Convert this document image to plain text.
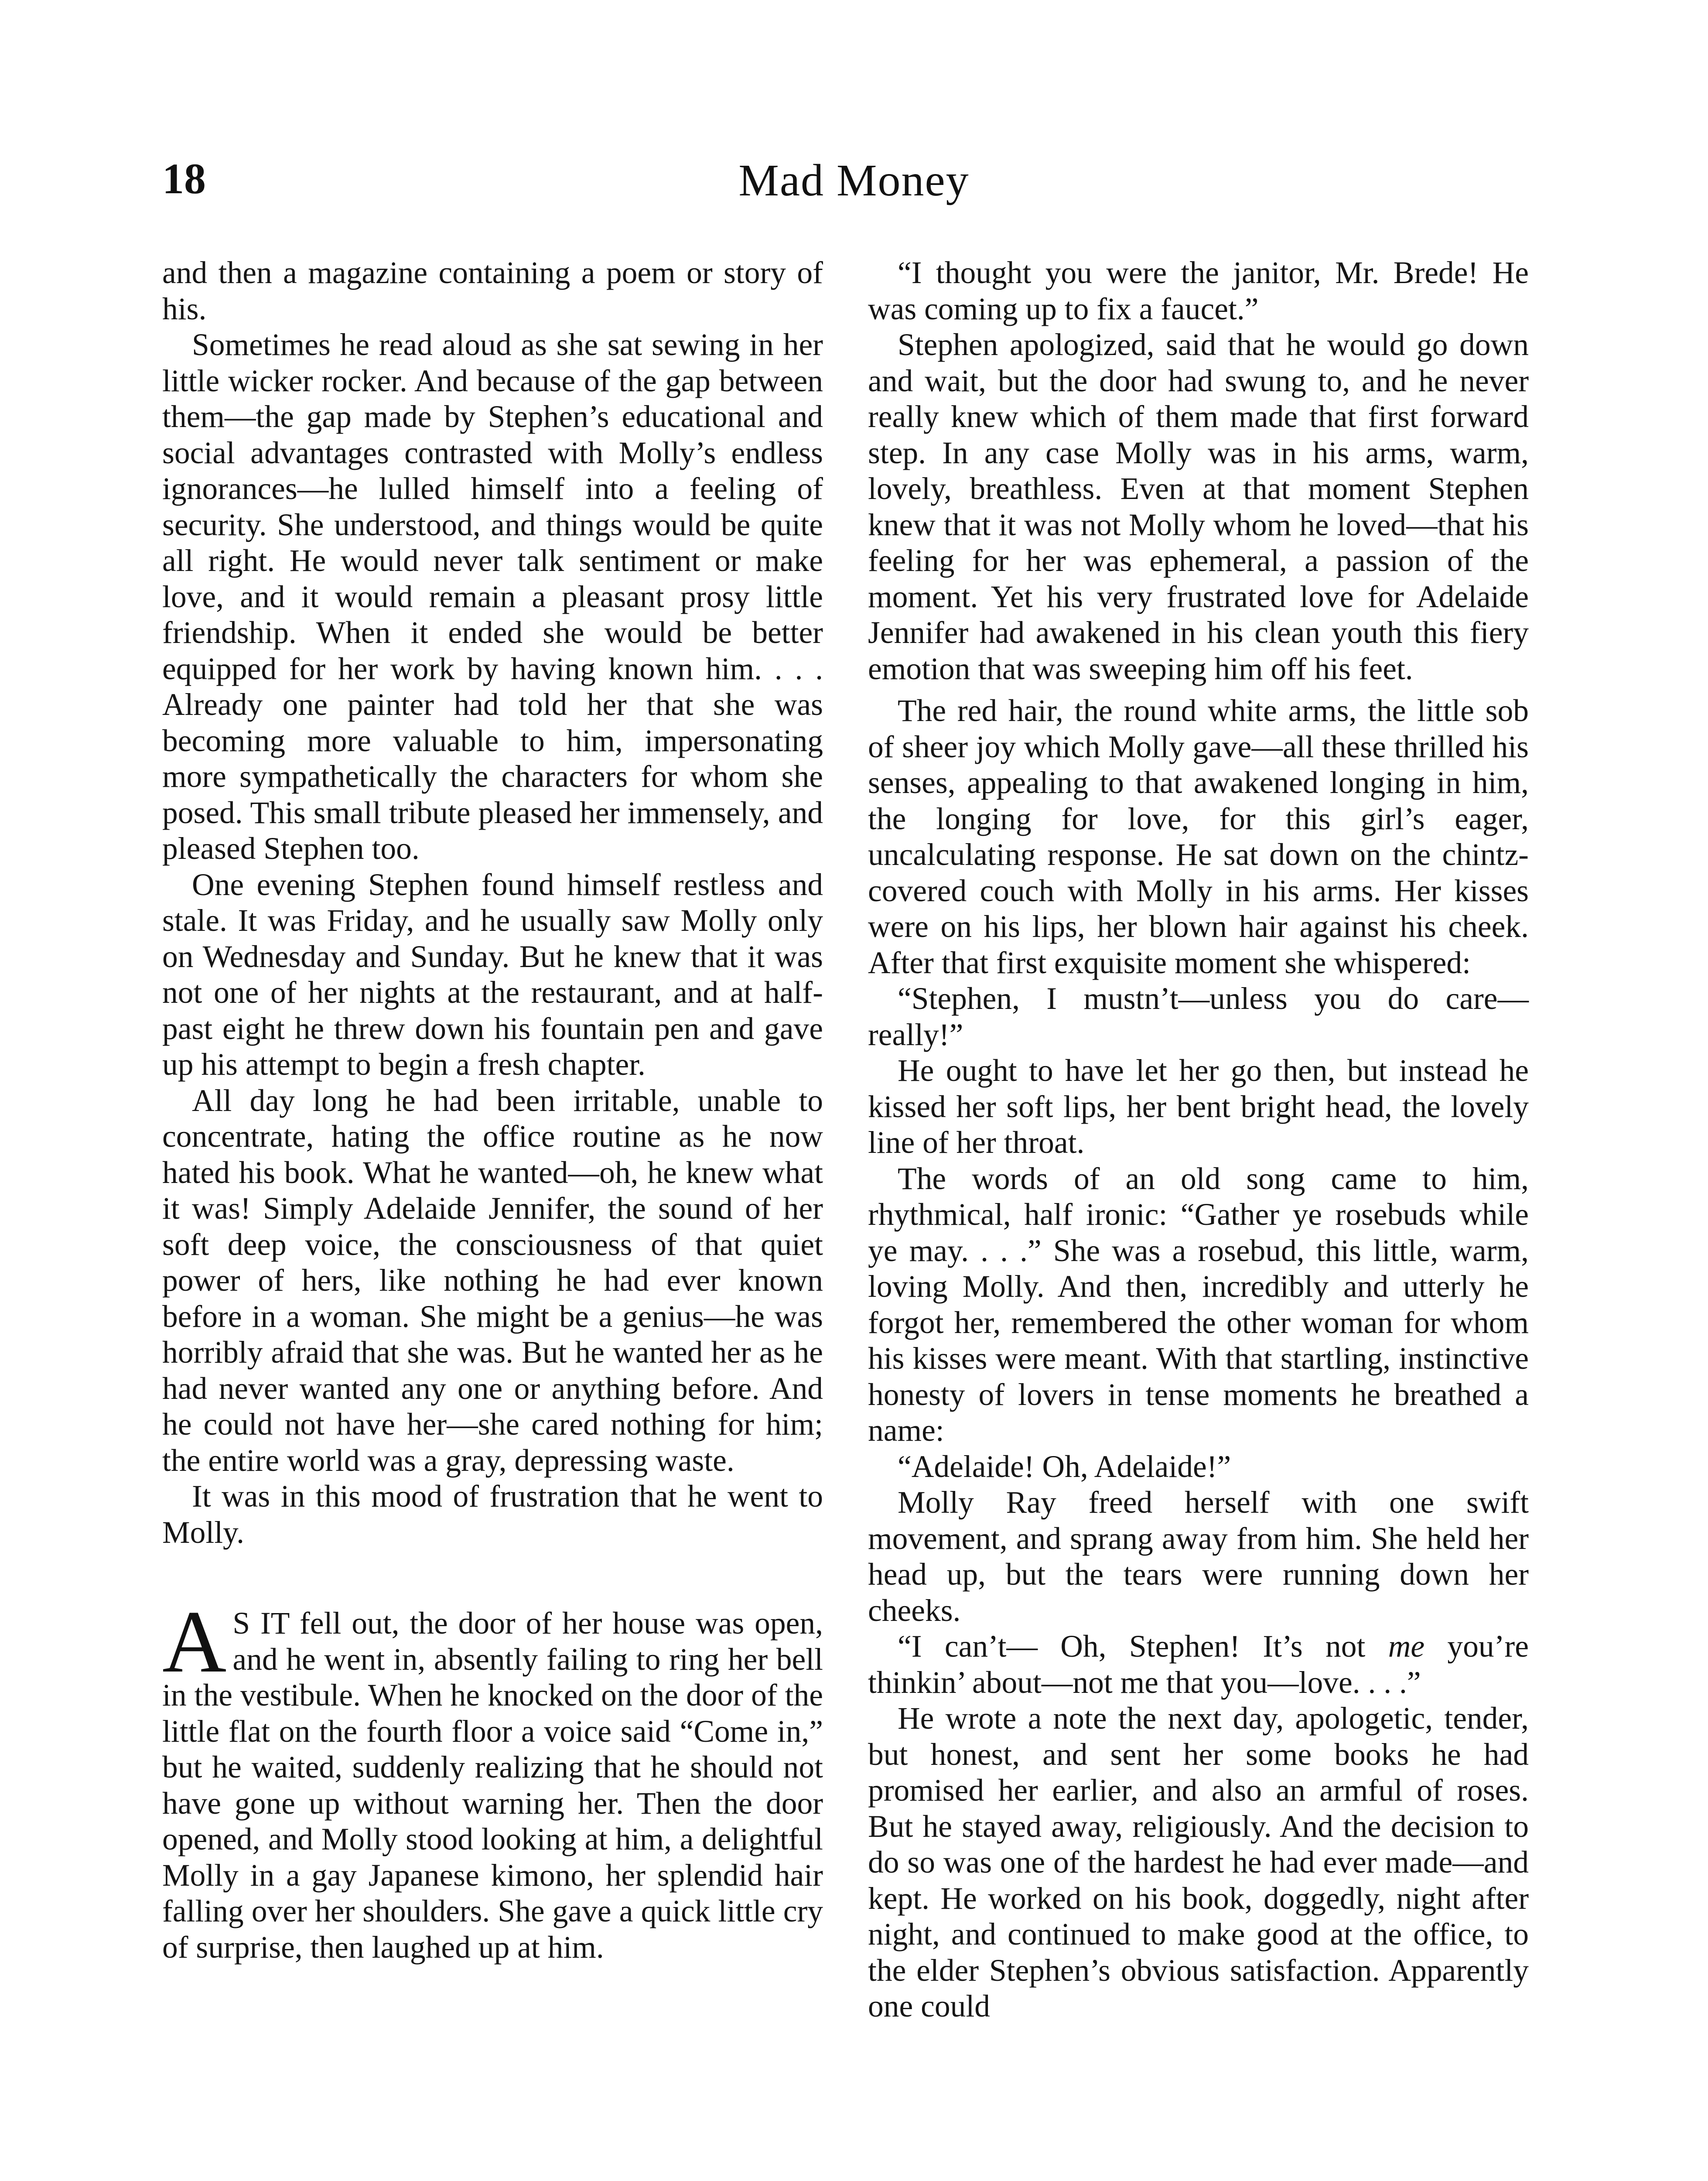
18	Mad Money

and then a magazine containing a poem or story of his.

Sometimes he read aloud as she sat sewing in her little wicker rocker. And because of the gap between them—the gap made by Stephen’s educational and social advantages contrasted with Molly’s endless ignorances—he lulled himself into a feeling of security. She understood, and things would be quite all right. He would never talk sentiment or make love, and it would remain a pleasant prosy little friendship. When it ended she would be better equipped for her work by having known him. . . . Already one painter had told her that she was becoming more valuable to him, impersonating more sympathetically the characters for whom she posed. This small tribute pleased her immensely, and pleased Stephen too.

One evening Stephen found himself restless and stale. It was Friday, and he usually saw Molly only on Wednesday and Sunday. But he knew that it was not one of her nights at the restaurant, and at half-past eight he threw down his fountain pen and gave up his attempt to begin a fresh chapter.

All day long he had been irritable, unable to concentrate, hating the office routine as he now hated his book. What he wanted—oh, he knew what it was! Simply Adelaide Jennifer, the sound of her soft deep voice, the consciousness of that quiet power of hers, like nothing he had ever known before in a woman. She might be a genius—he was horribly afraid that she was. But he wanted her as he had never wanted any one or anything before. And he could not have her—she cared nothing for him; the entire world was a gray, depressing waste.

It was in this mood of frustration that he went to Molly.

A S IT fell out, the door of her house was open, and he went in, absently failing to ring her bell in the vestibule. When he knocked on the door of the little flat on the fourth floor a voice said “Come in,” but he waited, suddenly realizing that he should not have gone up without warning her. Then the door opened, and Molly stood looking at him, a delightful Molly in a gay Japanese kimono, her splendid hair falling over her shoulders. She gave a quick little cry of surprise, then laughed up at him.

“I thought you were the janitor, Mr. Brede! He was coming up to fix a faucet.”

Stephen apologized, said that he would go down and wait, but the door had swung to, and he never really knew which of them made that first forward step. In any case Molly was in his arms, warm, lovely, breathless. Even at that moment Stephen knew that it was not Molly whom he loved—that his feeling for her was ephemeral, a passion of the moment. Yet his very frustrated love for Adelaide Jennifer had awakened in his clean youth this fiery emotion that was sweeping him off his feet.

The red hair, the round white arms, the little sob of sheer joy which Molly gave—all these thrilled his senses, appealing to that awakened longing in him, the longing for love, for this girl’s eager, uncalculating response. He sat down on the chintz-covered couch with Molly in his arms. Her kisses were on his lips, her blown hair against his cheek. After that first exquisite moment she whispered:

“Stephen, I mustn’t—unless you do care—really!”

He ought to have let her go then, but instead he kissed her soft lips, her bent bright head, the lovely line of her throat.

The words of an old song came to him, rhythmical, half ironic: “Gather ye rosebuds while ye may. . . .” She was a rosebud, this little, warm, loving Molly. And then, incredibly and utterly he forgot her, remembered the other woman for whom his kisses were meant. With that startling, instinctive honesty of lovers in tense moments he breathed a name:

“Adelaide! Oh, Adelaide!”

Molly Ray freed herself with one swift movement, and sprang away from him. She held her head up, but the tears were running down her cheeks.

“I can’t— Oh, Stephen! It’s not me you’re thinkin’ about—not me that you—love. . . .”

He wrote a note the next day, apologetic, tender, but honest, and sent her some books he had promised her earlier, and also an armful of roses. But he stayed away, religiously. And the decision to do so was one of the hardest he had ever made—and kept. He worked on his book, doggedly, night after night, and continued to make good at the office, to the elder Stephen’s obvious satisfaction. Apparently one could
